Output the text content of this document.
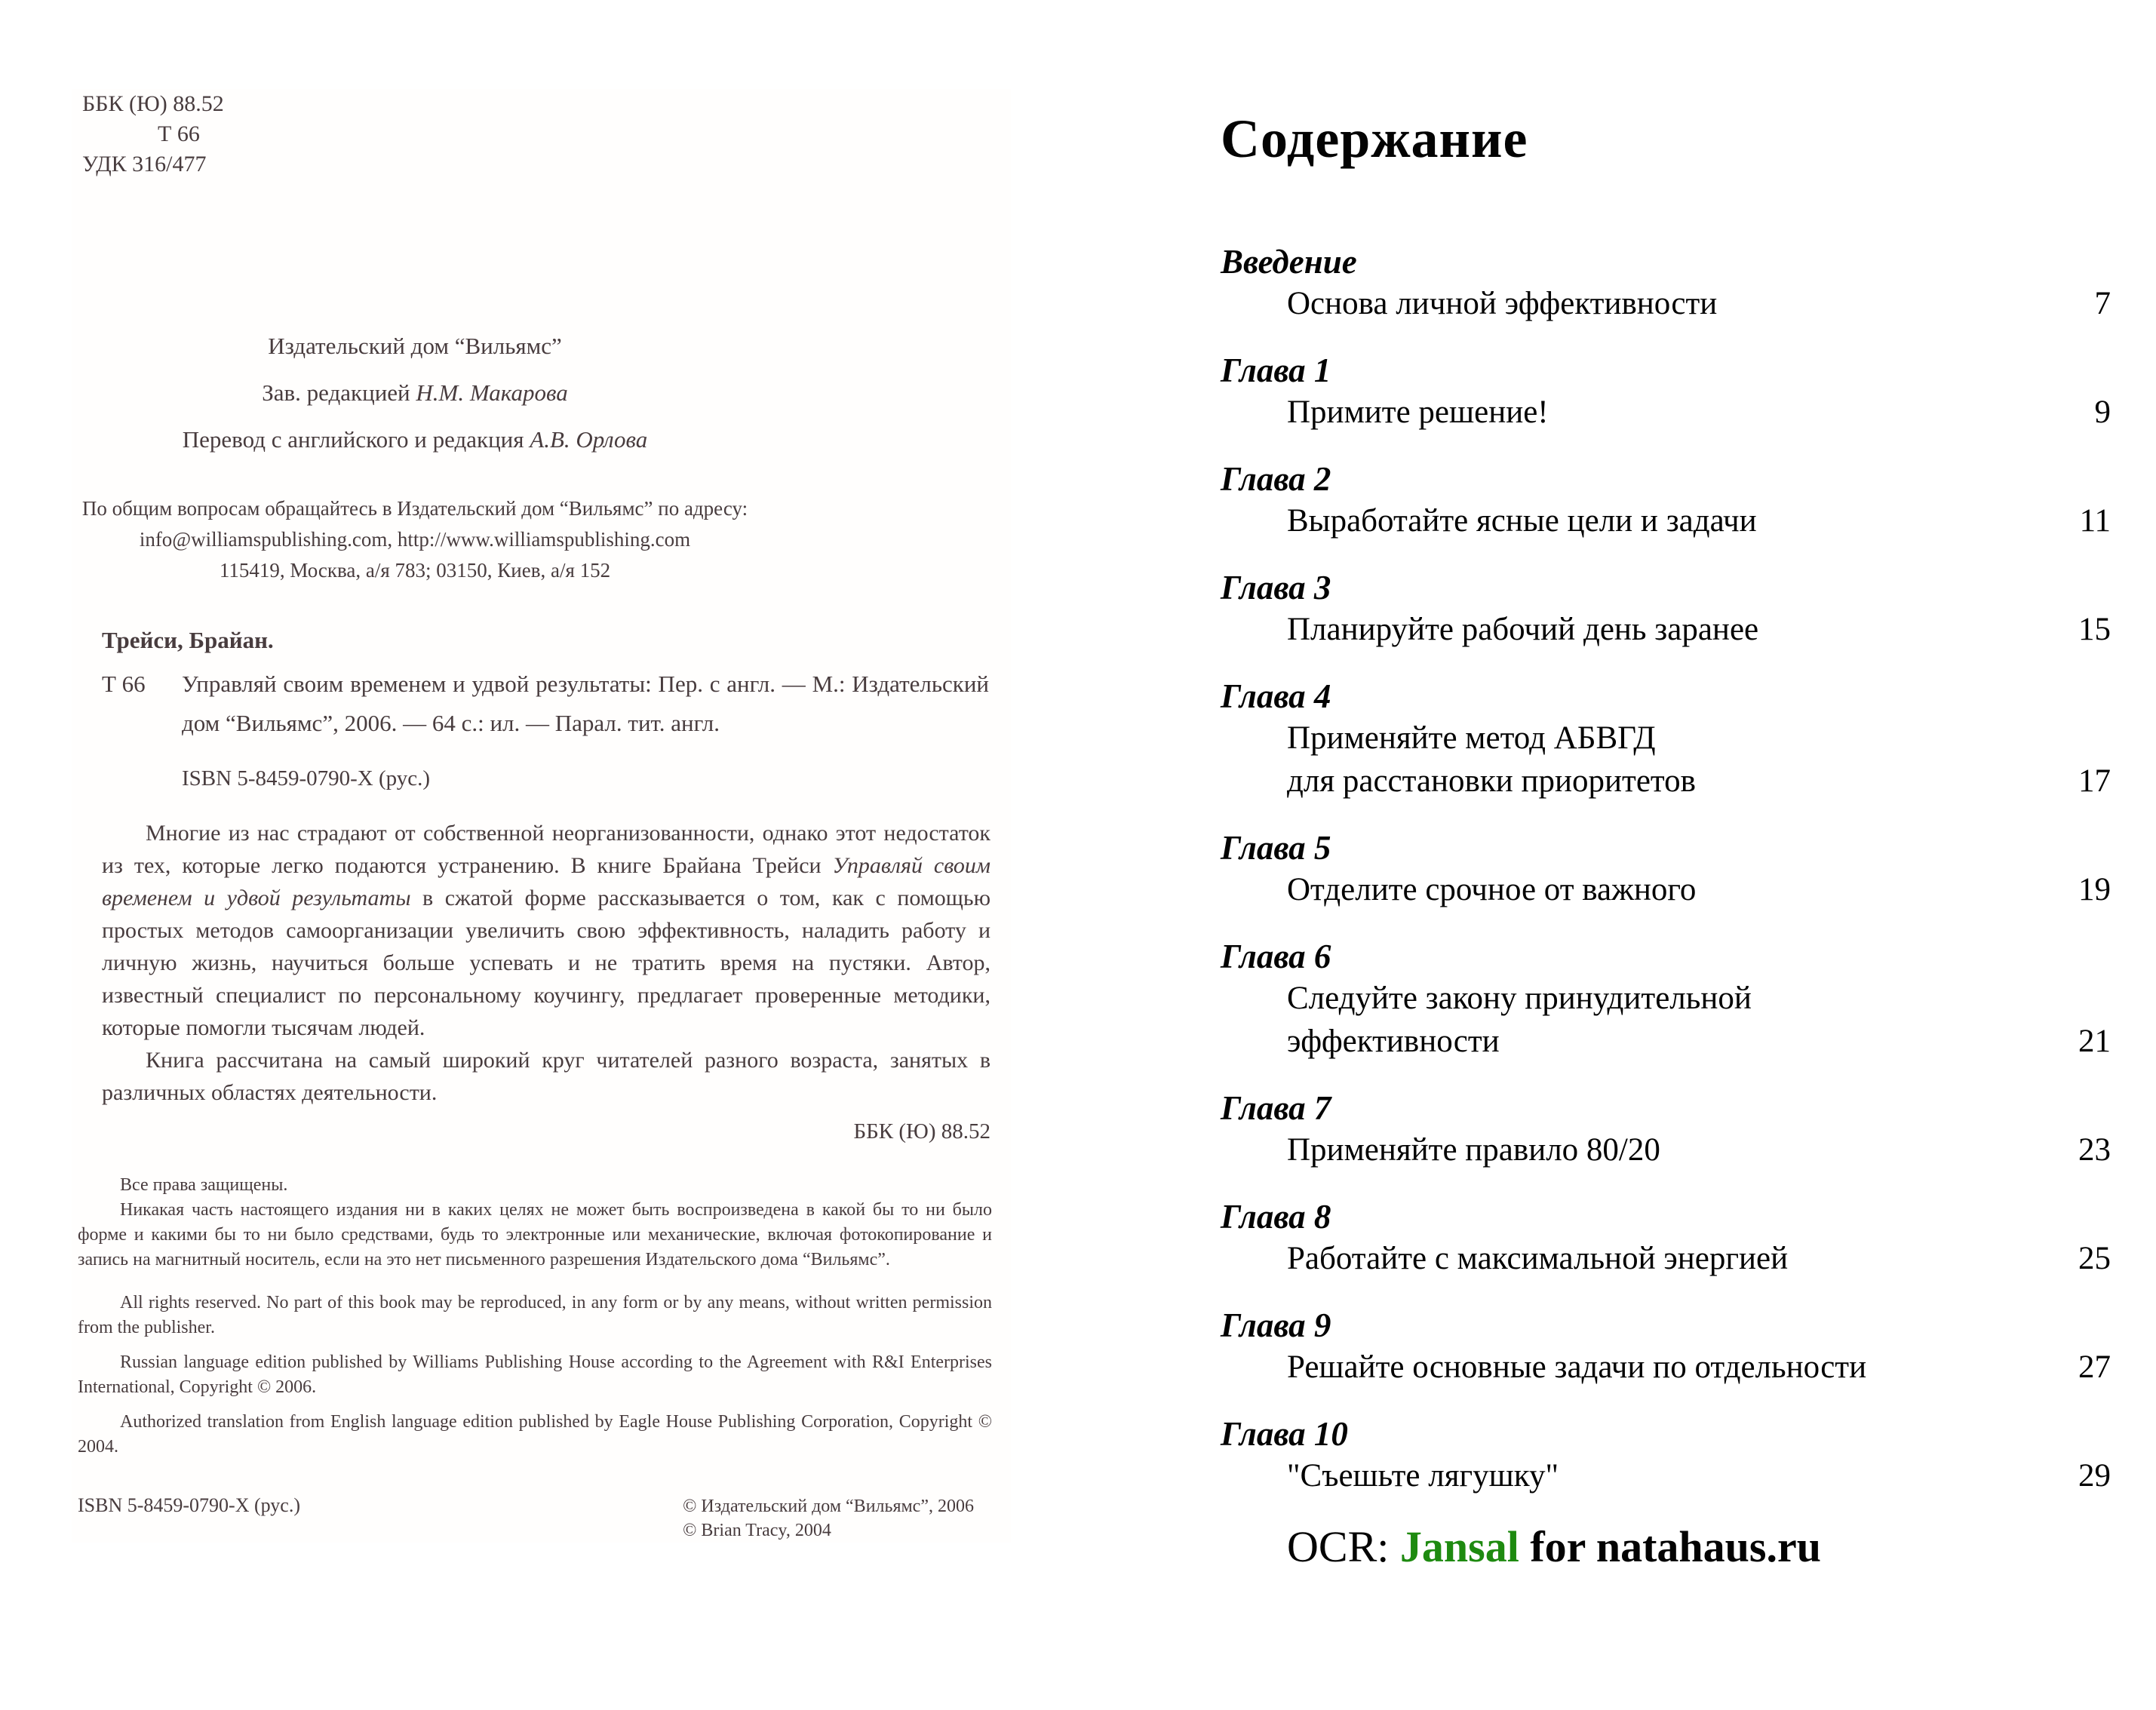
ББК (Ю) 88.52
Т 66
УДК 316/477
Издательский дом “Вильямс”
Зав. редакцией Н.М. Макарова
Перевод с английского и редакция А.В. Орлова
По общим вопросам обращайтесь в Издательский дом “Вильямс” по адресу:
info@williamspublishing.com, http://www.williamspublishing.com
115419, Москва, а/я 783; 03150, Киев, а/я 152
Трейси, Брайан.

Т 66 Управляй своим временем и удвой результаты: Пер. с англ. — М.: Издательский дом “Вильямс”, 2006. — 64 с.: ил. — Парал. тит. англ.

ISBN 5-8459-0790-X (рус.)

Многие из нас страдают от собственной неорганизованности, однако этот недостаток из тех, которые легко подаются устранению. В книге Брайана Трейси Управляй своим временем и удвой результаты в сжатой форме рассказывается о том, как с помощью простых методов самоорганизации увеличить свою эффективность, наладить работу и личную жизнь, научиться больше успевать и не тратить время на пустяки. Автор, известный специалист по персональному коучингу, предлагает проверенные методики, которые помогли тысячам людей.

Книга рассчитана на самый широкий круг читателей разного возраста, занятых в различных областях деятельности.

ББК (Ю) 88.52

Все права защищены.

Никакая часть настоящего издания ни в каких целях не может быть воспроизведена в какой бы то ни было форме и какими бы то ни было средствами, будь то электронные или механические, включая фотокопирование и запись на магнитный носитель, если на это нет письменного разрешения Издательского дома “Вильямс”.

All rights reserved. No part of this book may be reproduced, in any form or by any means, without written permission from the publisher.

Russian language edition published by Williams Publishing House according to the Agreement with R&I Enterprises International, Copyright © 2006.

Authorized translation from English language edition published by Eagle House Publishing Corporation, Copyright © 2004.

ISBN 5-8459-0790-X (рус.)	© Издательский дом “Вильямс”, 2006
© Brian Tracy, 2004
Содержание
Введение
Основа личной эффективности	7
Глава 1
Примите решение!	9
Глава 2
Выработайте ясные цели и задачи	11
Глава 3
Планируйте рабочий день заранее	15
Глава 4
Применяйте метод АБВГД
для расстановки приоритетов	17
Глава 5
Отделите срочное от важного	19
Глава 6
Следуйте закону принудительной
эффективности	21
Глава 7
Применяйте правило 80/20	23
Глава 8
Работайте с максимальной энергией	25
Глава 9
Решайте основные задачи по отдельности	27
Глава 10
"Съешьте лягушку"	29
OCR: Jansal for natahaus.ru
